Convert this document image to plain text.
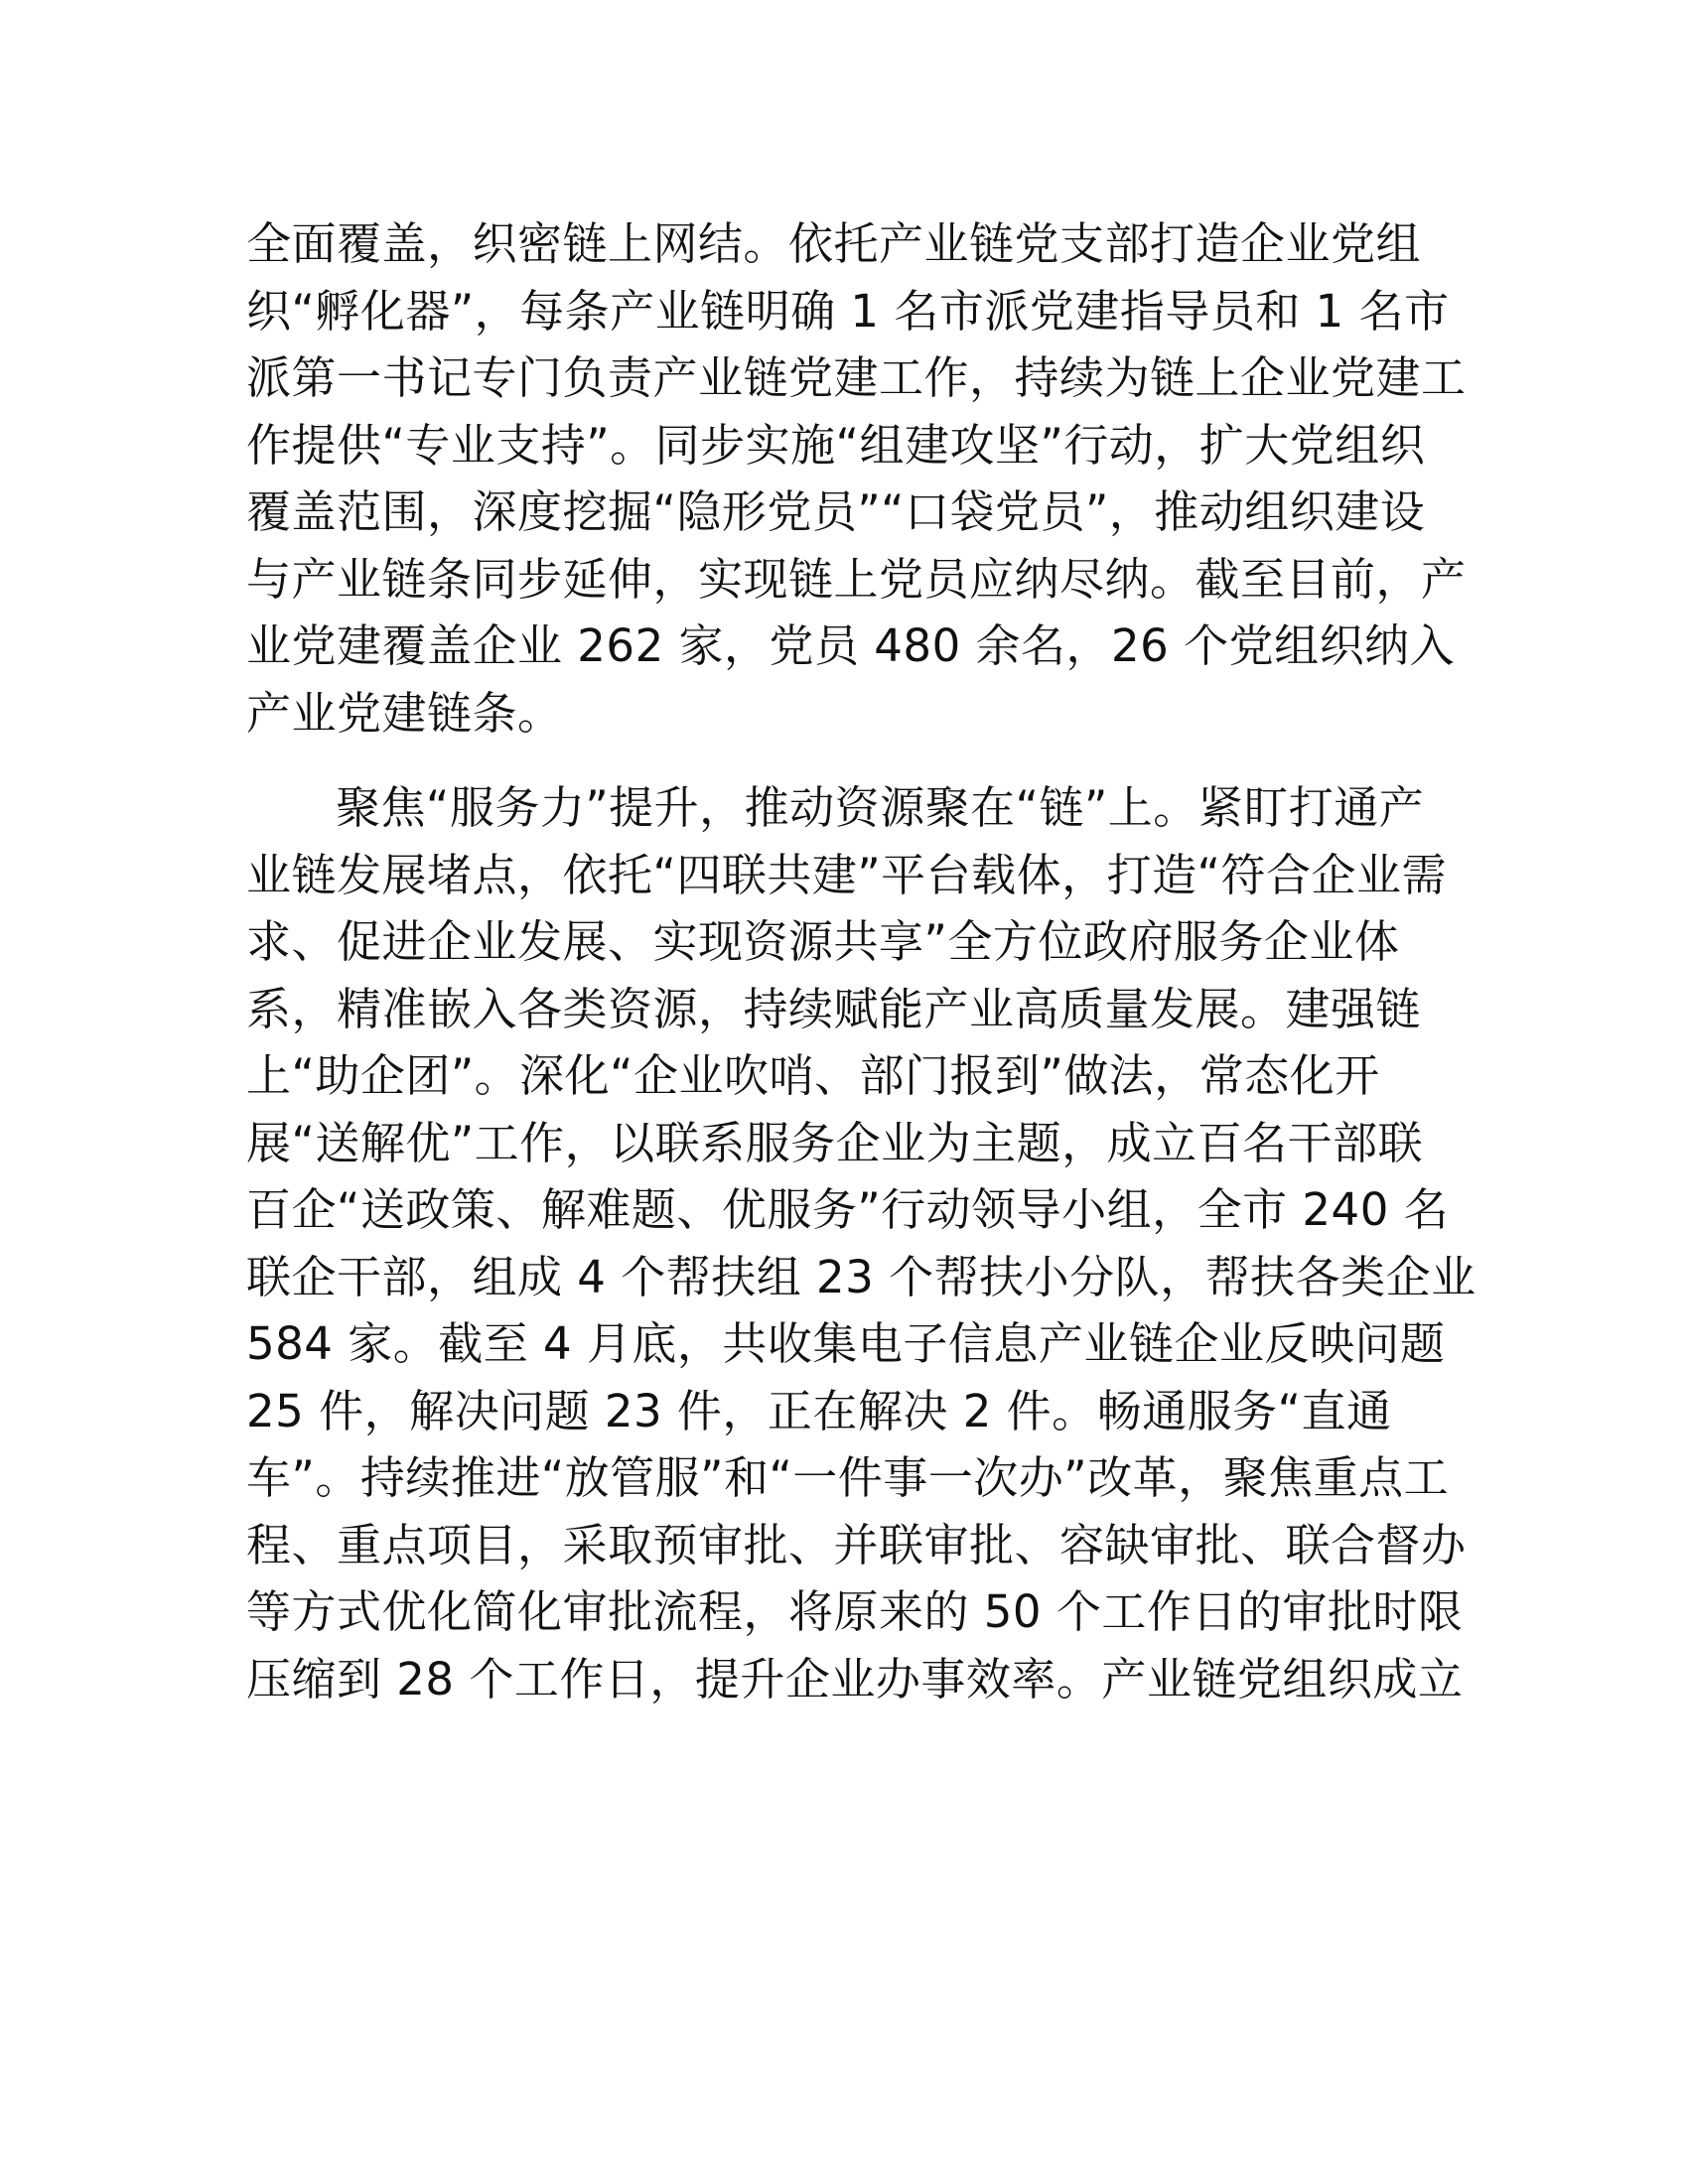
全面覆盖，织密链上网结。依托产业链党支部打造企业党组
织“孵化器”，每条产业链明确 1 名市派党建指导员和 1 名市
派第一书记专门负责产业链党建工作，持续为链上企业党建工
作提供“专业支持”。同步实施“组建攻坚”行动，扩大党组织
覆盖范围，深度挖掘“隐形党员”“口袋党员”，推动组织建设
与产业链条同步延伸，实现链上党员应纳尽纳。截至目前，产
业党建覆盖企业 262 家，党员 480 余名，26 个党组织纳入
产业党建链条。
聚焦“服务力”提升，推动资源聚在“链”上。紧盯打通产
业链发展堵点，依托“四联共建”平台载体，打造“符合企业需
求、促进企业发展、实现资源共享”全方位政府服务企业体
系，精准嵌入各类资源，持续赋能产业高质量发展。建强链
上“助企团”。深化“企业吹哨、部门报到”做法，常态化开
展“送解优”工作，以联系服务企业为主题，成立百名干部联
百企“送政策、解难题、优服务”行动领导小组，全市 240 名
联企干部，组成 4 个帮扶组 23 个帮扶小分队，帮扶各类企业
584 家。截至 4 月底，共收集电子信息产业链企业反映问题
25 件，解决问题 23 件，正在解决 2 件。畅通服务“直通
车”。持续推进“放管服”和“一件事一次办”改革，聚焦重点工
程、重点项目，采取预审批、并联审批、容缺审批、联合督办
等方式优化简化审批流程，将原来的 50 个工作日的审批时限
压缩到 28 个工作日，提升企业办事效率。产业链党组织成立
